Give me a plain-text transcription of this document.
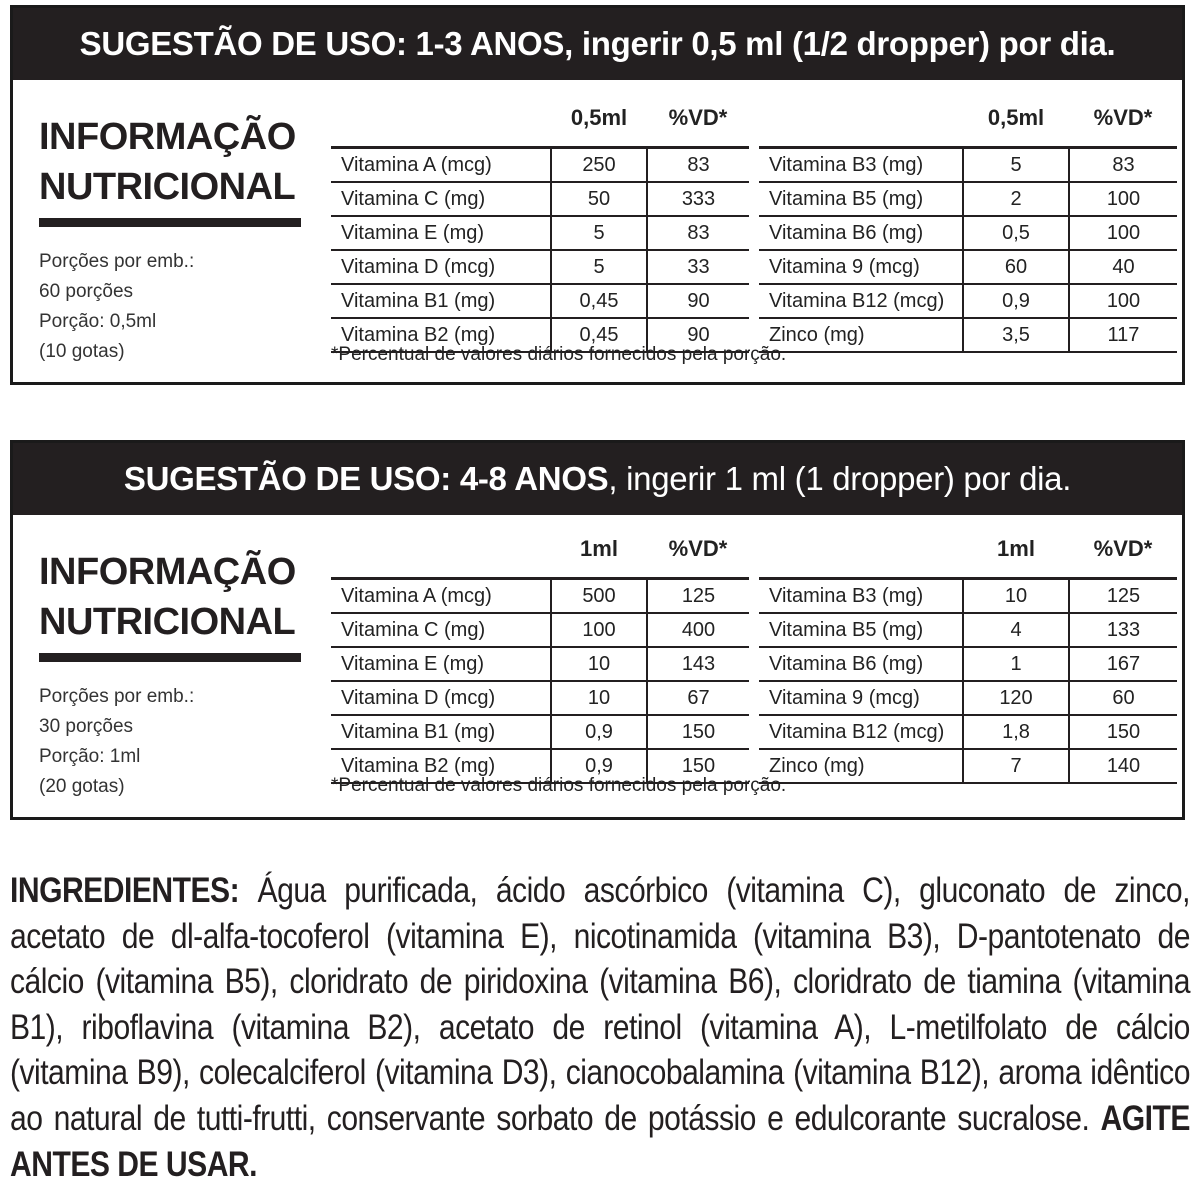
SUGESTÃO DE USO: 1-3 ANOS,
ingerir 0,5 ml (1/2 dropper) por dia.
INFORMAÇÃO
NUTRICIONAL
Porções por emb.:
60 porções
Porção: 0,5ml
(10 gotas)
	0,5ml	%VD*
Vitamina A (mcg)	250	83
Vitamina C (mg)	50	333
Vitamina E (mg)	5	83
Vitamina D (mcg)	5	33
Vitamina B1 (mg)	0,45	90
Vitamina B2 (mg)	0,45	90
	0,5ml	%VD*
Vitamina B3 (mg)	5	83
Vitamina B5 (mg)	2	100
Vitamina B6 (mg)	0,5	100
Vitamina 9 (mcg)	60	40
Vitamina B12 (mcg)	0,9	100
Zinco (mg)	3,5	117
*Percentual de valores diários fornecidos pela porção.
SUGESTÃO DE USO: 4-8 ANOS , ingerir 1 ml (1 dropper) por dia.
INFORMAÇÃO
NUTRICIONAL
Porções por emb.:
30 porções
Porção: 1ml
(20 gotas)
	1ml	%VD*
Vitamina A (mcg)	500	125
Vitamina C (mg)	100	400
Vitamina E (mg)	10	143
Vitamina D (mcg)	10	67
Vitamina B1 (mg)	0,9	150
Vitamina B2 (mg)	0,9	150
	1ml	%VD*
Vitamina B3 (mg)	10	125
Vitamina B5 (mg)	4	133
Vitamina B6 (mg)	1	167
Vitamina 9 (mcg)	120	60
Vitamina B12 (mcg)	1,8	150
Zinco (mg)	7	140
*Percentual de valores diários fornecidos pela porção.
INGREDIENTES: Água purificada, ácido ascórbico (vitamina C), gluconato de zinco, acetato de dl-alfa-tocoferol (vitamina E), nicotinamida (vitamina B3), D-pantotenato de cálcio (vitamina B5), cloridrato de piridoxina (vitamina B6), cloridrato de tiamina (vitamina B1), riboflavina (vitamina B2), acetato de retinol (vitamina A), L-metilfolato de cálcio (vitamina B9), colecalciferol (vitamina D3), cianocobalamina (vitamina B12), aroma idêntico ao natural de tutti-frutti, conservante sorbato de potássio e edulcorante sucralose. AGITE ANTES DE USAR.
